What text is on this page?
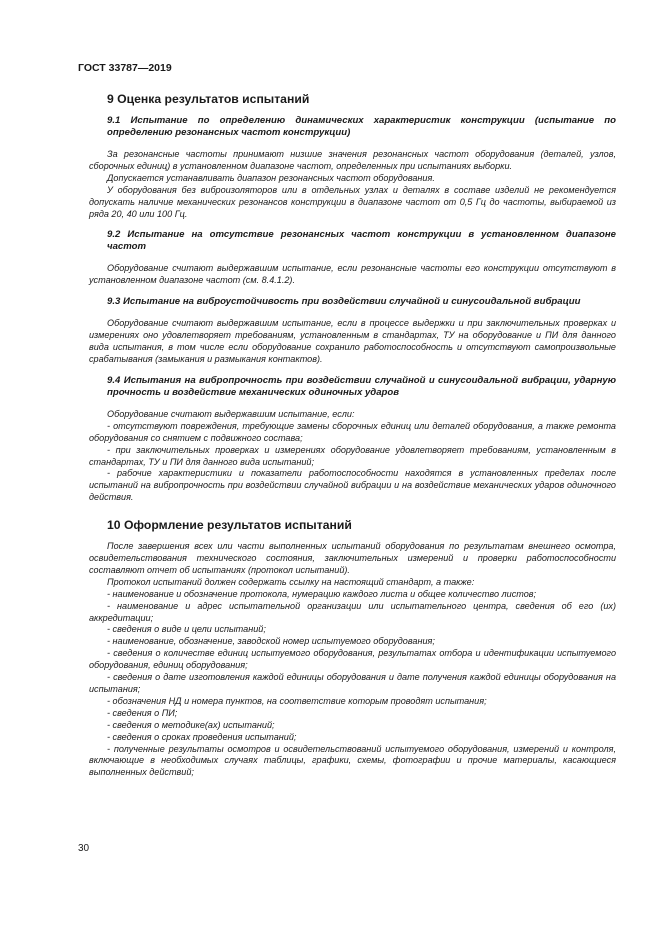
ГОСТ 33787—2019
9 Оценка результатов испытаний
9.1 Испытание по определению динамических характеристик конструкции (испытание по определению резонансных частот конструкции)

За резонансные частоты принимают низшие значения резонансных частот оборудования (деталей, узлов, сборочных единиц) в установленном диапазоне частот, определенных при испытаниях выборки.

Допускается устанавливать диапазон резонансных частот оборудования.

У оборудования без виброизоляторов или в отдельных узлах и деталях в составе изделий не рекомендуется допускать наличие механических резонансов конструкции в диапазоне частот от 0,5 Гц до частоты, выбираемой из ряда 20, 40 или 100 Гц.

9.2 Испытание на отсутствие резонансных частот конструкции в установленном диапазоне частот

Оборудование считают выдержавшим испытание, если резонансные частоты его конструкции отсутствуют в установленном диапазоне частот (см. 8.4.1.2).

9.3 Испытание на виброустойчивость при воздействии случайной и синусоидальной вибрации

Оборудование считают выдержавшим испытание, если в процессе выдержки и при заключительных проверках и измерениях оно удовлетворяет требованиям, установленным в стандартах, ТУ на оборудование и ПИ для данного вида испытания, в том числе если оборудование сохранило работоспособность и отсутствуют самопроизвольные срабатывания (замыкания и размыкания контактов).

9.4 Испытания на вибропрочность при воздействии случайной и синусоидальной вибрации, ударную прочность и воздействие механических одиночных ударов

Оборудование считают выдержавшим испытание, если:

- отсутствуют повреждения, требующие замены сборочных единиц или деталей оборудования, а также ремонта оборудования со снятием с подвижного состава;

- при заключительных проверках и измерениях оборудование удовлетворяет требованиям, установленным в стандартах, ТУ и ПИ для данного вида испытаний;

- рабочие характеристики и показатели работоспособности находятся в установленных пределах после испытаний на вибропрочность при воздействии случайной вибрации и на воздействие механических ударов одиночного действия.

10 Оформление результатов испытаний

После завершения всех или части выполненных испытаний оборудования по результатам внешнего осмотра, освидетельствования технического состояния, заключительных измерений и проверки работоспособности составляют отчет об испытаниях (протокол испытаний).

Протокол испытаний должен содержать ссылку на настоящий стандарт, а также:

- наименование и обозначение протокола, нумерацию каждого листа и общее количество листов;

- наименование и адрес испытательной организации или испытательного центра, сведения об его (их) аккредитации;

- сведения о виде и цели испытаний;

- наименование, обозначение, заводской номер испытуемого оборудования;

- сведения о количестве единиц испытуемого оборудования, результатах отбора и идентификации испытуемого оборудования, единиц оборудования;

- сведения о дате изготовления каждой единицы оборудования и дате получения каждой единицы оборудования на испытания;

- обозначения НД и номера пунктов, на соответствие которым проводят испытания;

- сведения о ПИ;

- сведения о методике(ах) испытаний;

- сведения о сроках проведения испытаний;

- полученные результаты осмотров и освидетельствований испытуемого оборудования, измерений и контроля, включающие в необходимых случаях таблицы, графики, схемы, фотографии и прочие материалы, касающиеся выполненных действий;

30
